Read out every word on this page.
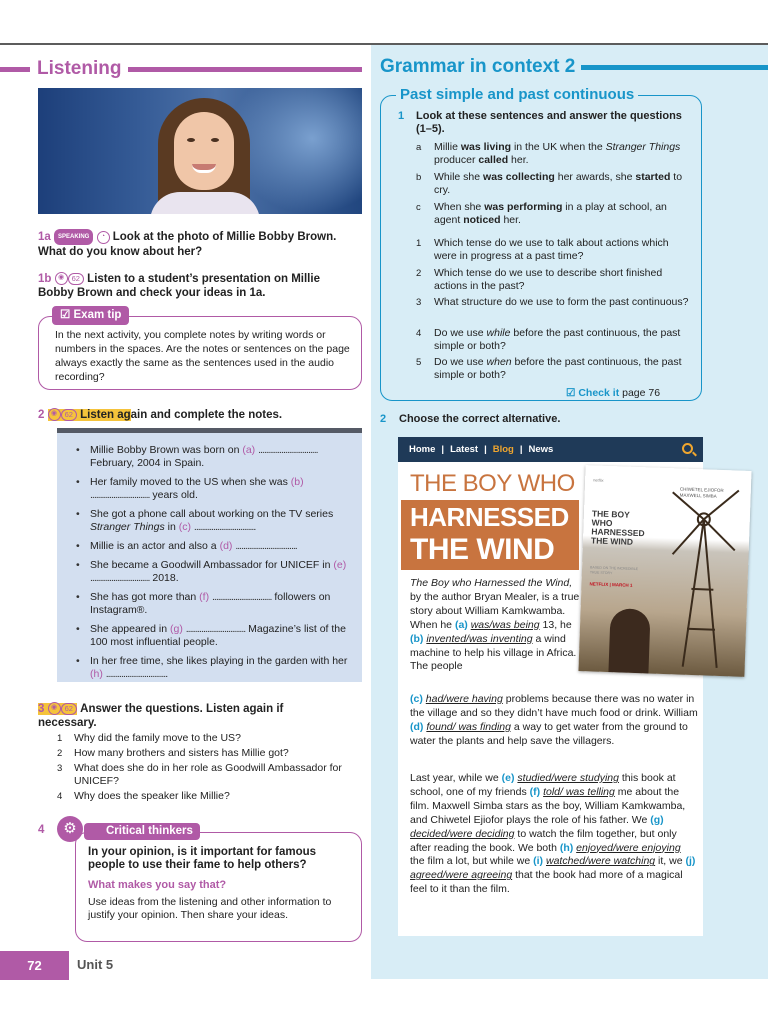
Listening
1a SPEAKING ◔ Look at the photo of Millie Bobby Brown. What do you know about her?
1b ◉ 62 Listen to a student’s presentation on Millie Bobby Brown and check your ideas in 1a.
☑ Exam tip
In the next activity, you complete notes by writing words or numbers in the spaces. Are the notes or sentences on the page always exactly the same as the sentences used in the audio recording?
2 ◉ 62 Listen again and complete the notes.
• Millie Bobby Brown was born on (a) ............................... February, 2004 in Spain.
• Her family moved to the US when she was (b) ............................... years old.
• She got a phone call about working on the TV series Stranger Things in (c) ................................
• Millie is an actor and also a (d) ................................
• She became a Goodwill Ambassador for UNICEF in (e) ............................... 2018.
• She has got more than (f) ............................... followers on Instagram®.
• She appeared in (g) ............................... Magazine’s list of the 100 most influential people.
• In her free time, she likes playing in the garden with her (h) ................................
3 ◉ 62 Answer the questions. Listen again if necessary.
1 Why did the family move to the US?
2 How many brothers and sisters has Millie got?
3 What does she do in her role as Goodwill Ambassador for UNICEF?
4 Why does the speaker like Millie?
4	⚙	Critical thinkers
In your opinion, is it important for famous people to use their fame to help others?
What makes you say that?
Use ideas from the listening and other information to justify your opinion. Then share your ideas.
72	Unit 5
Grammar in context 2
Past simple and past continuous
1 Look at these sentences and answer the questions (1–5).
a	Millie was living in the UK when the Stranger Things producer called her.
b	While she was collecting her awards, she started to cry.
c	When she was performing in a play at school, an agent noticed her.
1	Which tense do we use to talk about actions which were in progress at a past time?
2	Which tense do we use to describe short finished actions in the past?
3	What structure do we use to form the past continuous?
4	Do we use while before the past continuous, the past simple or both?
5	Do we use when before the past continuous, the past simple or both?
☑ Check it page 76
2 Choose the correct alternative.
Home | Latest | Blog | News
THE BOY WHO
HARNESSED
THE WIND
netflix
CHIWETEL EJIOFOR MAXWELL SIMBA
THE BOY WHO HARNESSED THE WIND
BASED ON THE INCREDIBLE TRUE STORY
NETFLIX | MARCH 1
The Boy who Harnessed the Wind, by the author Bryan Mealer, is a true story about William Kamkwamba. When he (a) was/was being 13, he (b) invented/was inventing a wind machine to help his village in Africa. The people
(c) had/were having problems because there was no water in the village and so they didn’t have much food or drink. William (d) found/ was finding a way to get water from the ground to water the plants and help save the villagers.
Last year, while we (e) studied/were studying this book at school, one of my friends (f) told/ was telling me about the film. Maxwell Simba stars as the boy, William Kamkwamba, and Chiwetel Ejiofor plays the role of his father. We (g) decided/were deciding to watch the film together, but only after reading the book. We both (h) enjoyed/were enjoying the film a lot, but while we (i) watched/were watching it, we (j) agreed/were agreeing that the book had more of a magical feel to it than the film.
